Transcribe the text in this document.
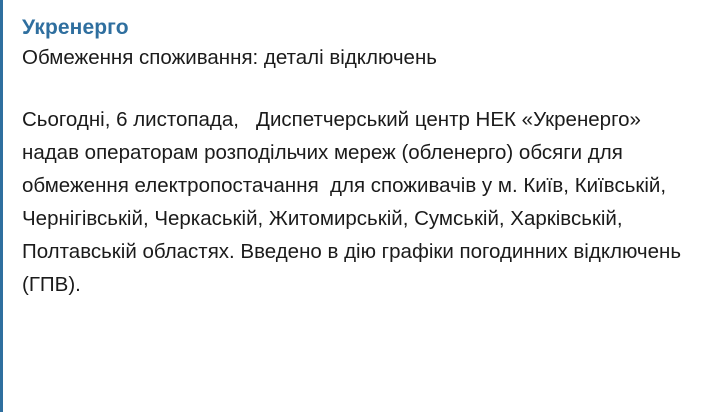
Укренерго
Обмеження споживання: деталі відключень
Сьогодні, 6 листопада,   Диспетчерський центр НЕК «Укренерго» надав операторам розподільчих мереж (обленерго) обсяги для обмеження електропостачання  для споживачів у м. Київ, Київській, Чернігівській, Черкаській, Житомирській, Сумській, Харківській,  Полтавській областях. Введено в дію графіки погодинних відключень (ГПВ).
